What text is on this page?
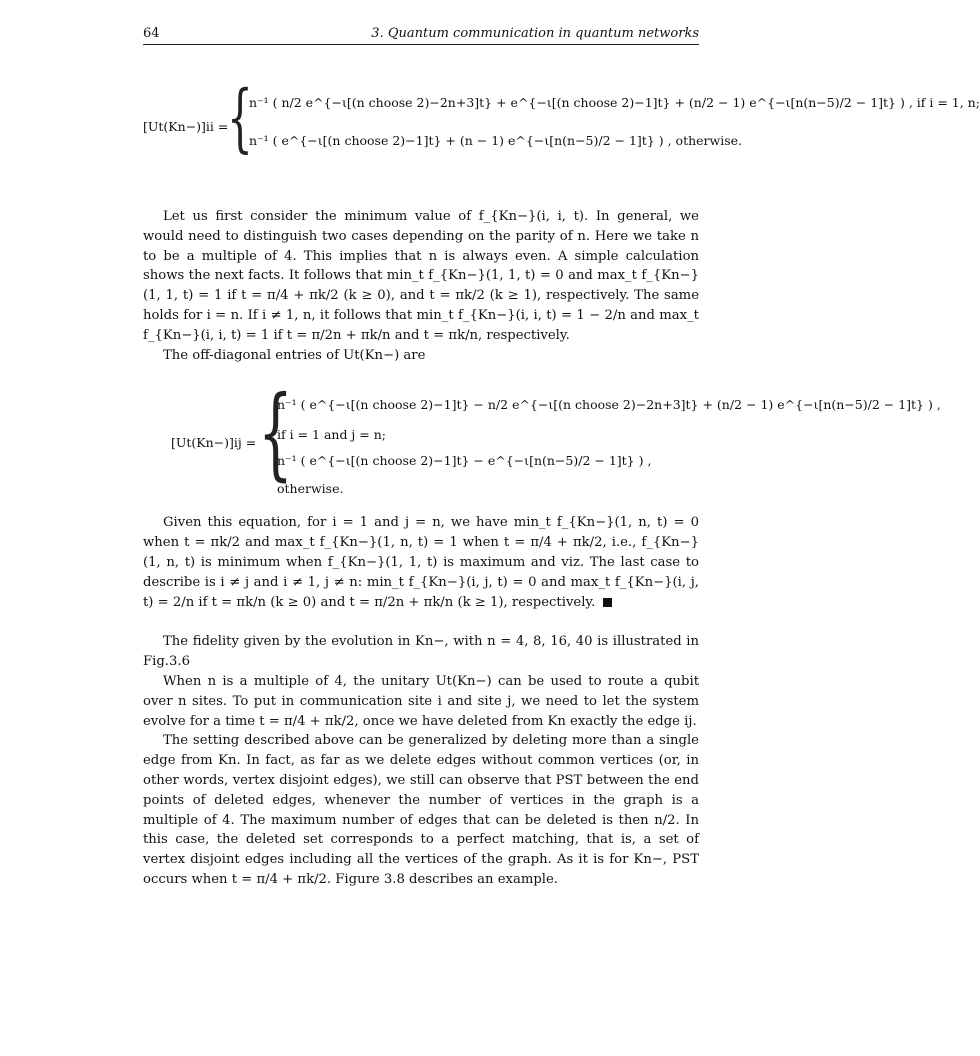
64	3. Quantum communication in quantum networks
[Ut(Kn−)]ii =
{
n⁻¹ ( n/2 e^{−ι[(n choose 2)−2n+3]t} + e^{−ι[(n choose 2)−1]t} + (n/2 − 1) e^{−ι[n(n−5)/2 − 1]t} ) , if i = 1, n;
n⁻¹ ( e^{−ι[(n choose 2)−1]t} + (n − 1) e^{−ι[n(n−5)/2 − 1]t} ) , otherwise.

Let us first consider the minimum value of f_{Kn−}(i, i, t). In general, we would need to distinguish two cases depending on the parity of n. Here we take n to be a multiple of 4. This implies that n is always even. A simple calculation shows the next facts. It follows that min_t f_{Kn−}(1, 1, t) = 0 and max_t f_{Kn−}(1, 1, t) = 1 if t = π/4 + πk/2 (k ≥ 0), and t = πk/2 (k ≥ 1), respectively. The same holds for i = n. If i ≠ 1, n, it follows that min_t f_{Kn−}(i, i, t) = 1 − 2/n and max_t f_{Kn−}(i, i, t) = 1 if t = π/2n + πk/n and t = πk/n, respectively.

The off-diagonal entries of Ut(Kn−) are

[Ut(Kn−)]ij = {
n⁻¹ ( e^{−ι[(n choose 2)−1]t} − n/2 e^{−ι[(n choose 2)−2n+3]t} + (n/2 − 1) e^{−ι[n(n−5)/2 − 1]t} ) ,
if i = 1 and j = n;
n⁻¹ ( e^{−ι[(n choose 2)−1]t} − e^{−ι[n(n−5)/2 − 1]t} ) ,
otherwise.

Given this equation, for i = 1 and j = n, we have min_t f_{Kn−}(1, n, t) = 0 when t = πk/2 and max_t f_{Kn−}(1, n, t) = 1 when t = π/4 + πk/2, i.e., f_{Kn−}(1, n, t) is minimum when f_{Kn−}(1, 1, t) is maximum and viz. The last case to describe is i ≠ j and i ≠ 1, j ≠ n: min_t f_{Kn−}(i, j, t) = 0 and max_t f_{Kn−}(i, j, t) = 2/n if t = πk/n (k ≥ 0) and t = π/2n + πk/n (k ≥ 1), respectively.

The fidelity given by the evolution in Kn−, with n = 4, 8, 16, 40 is illustrated in Fig.3.6

When n is a multiple of 4, the unitary Ut(Kn−) can be used to route a qubit over n sites. To put in communication site i and site j, we need to let the system evolve for a time t = π/4 + πk/2, once we have deleted from Kn exactly the edge ij.

The setting described above can be generalized by deleting more than a single edge from Kn. In fact, as far as we delete edges without common vertices (or, in other words, vertex disjoint edges), we still can observe that PST between the end points of deleted edges, whenever the number of vertices in the graph is a multiple of 4. The maximum number of edges that can be deleted is then n/2. In this case, the deleted set corresponds to a perfect matching, that is, a set of vertex disjoint edges including all the vertices of the graph. As it is for Kn−, PST occurs when t = π/4 + πk/2. Figure 3.8 describes an example.
